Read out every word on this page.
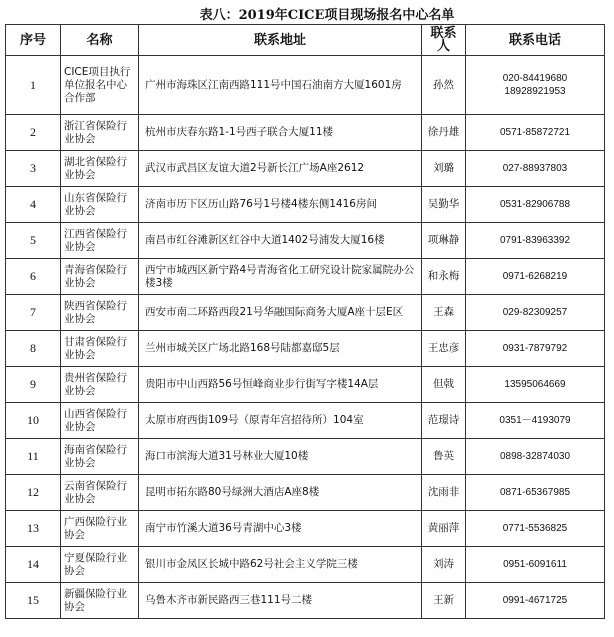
表八：2019年CICE项目现场报名中心名单
序号	名称	联系地址	联系人	联系电话
1	CICE项目执行单位报名中心合作部	广州市海珠区江南西路111号中国石油南方大厦1601房	孙然	020-84419680
18928921953

2	浙江省保险行业协会	杭州市庆春东路1-1号西子联合大厦11楼	徐丹雄	0571-85872721

3	湖北省保险行业协会	武汉市武昌区友谊大道2号新长江广场A座2612	刘璐	027-88937803

4	山东省保险行业协会	济南市历下区历山路76号1号楼4楼东侧1416房间	吴勤华	0531-82906788

5	江西省保险行业协会	南昌市红谷滩新区红谷中大道1402号浦发大厦16楼	项琳静	0791-83963392

6	青海省保险行业协会	西宁市城西区新宁路4号青海省化工研究设计院家属院办公楼3楼	和永梅	0971-6268219

7	陕西省保险行业协会	西安市南二环路西段21号华融国际商务大厦A座十层E区	王森	029-82309257

8	甘肃省保险行业协会	兰州市城关区广场北路168号陆都嘉邸5层	王忠彦	0931-7879792

9	贵州省保险行业协会	贵阳市中山西路56号恒峰商业步行街写字楼14A层	但戟	13595064669

10	山西省保险行业协会	太原市府西街109号（原青年宫招待所）104室	范璟诗	0351－4193079

11	海南省保险行业协会	海口市滨海大道31号林业大厦10楼	鲁英	0898-32874030

12	云南省保险行业协会	昆明市拓东路80号绿洲大酒店A座8楼	沈雨非	0871-65367985

13	广西保险行业协会	南宁市竹溪大道36号青湖中心3楼	黄丽萍	0771-5536825

14	宁夏保险行业协会	银川市金凤区长城中路62号社会主义学院三楼	刘涛	0951-6091611

15	新疆保险行业协会	乌鲁木齐市新民路西三巷111号二楼	王新	0991-4671725
